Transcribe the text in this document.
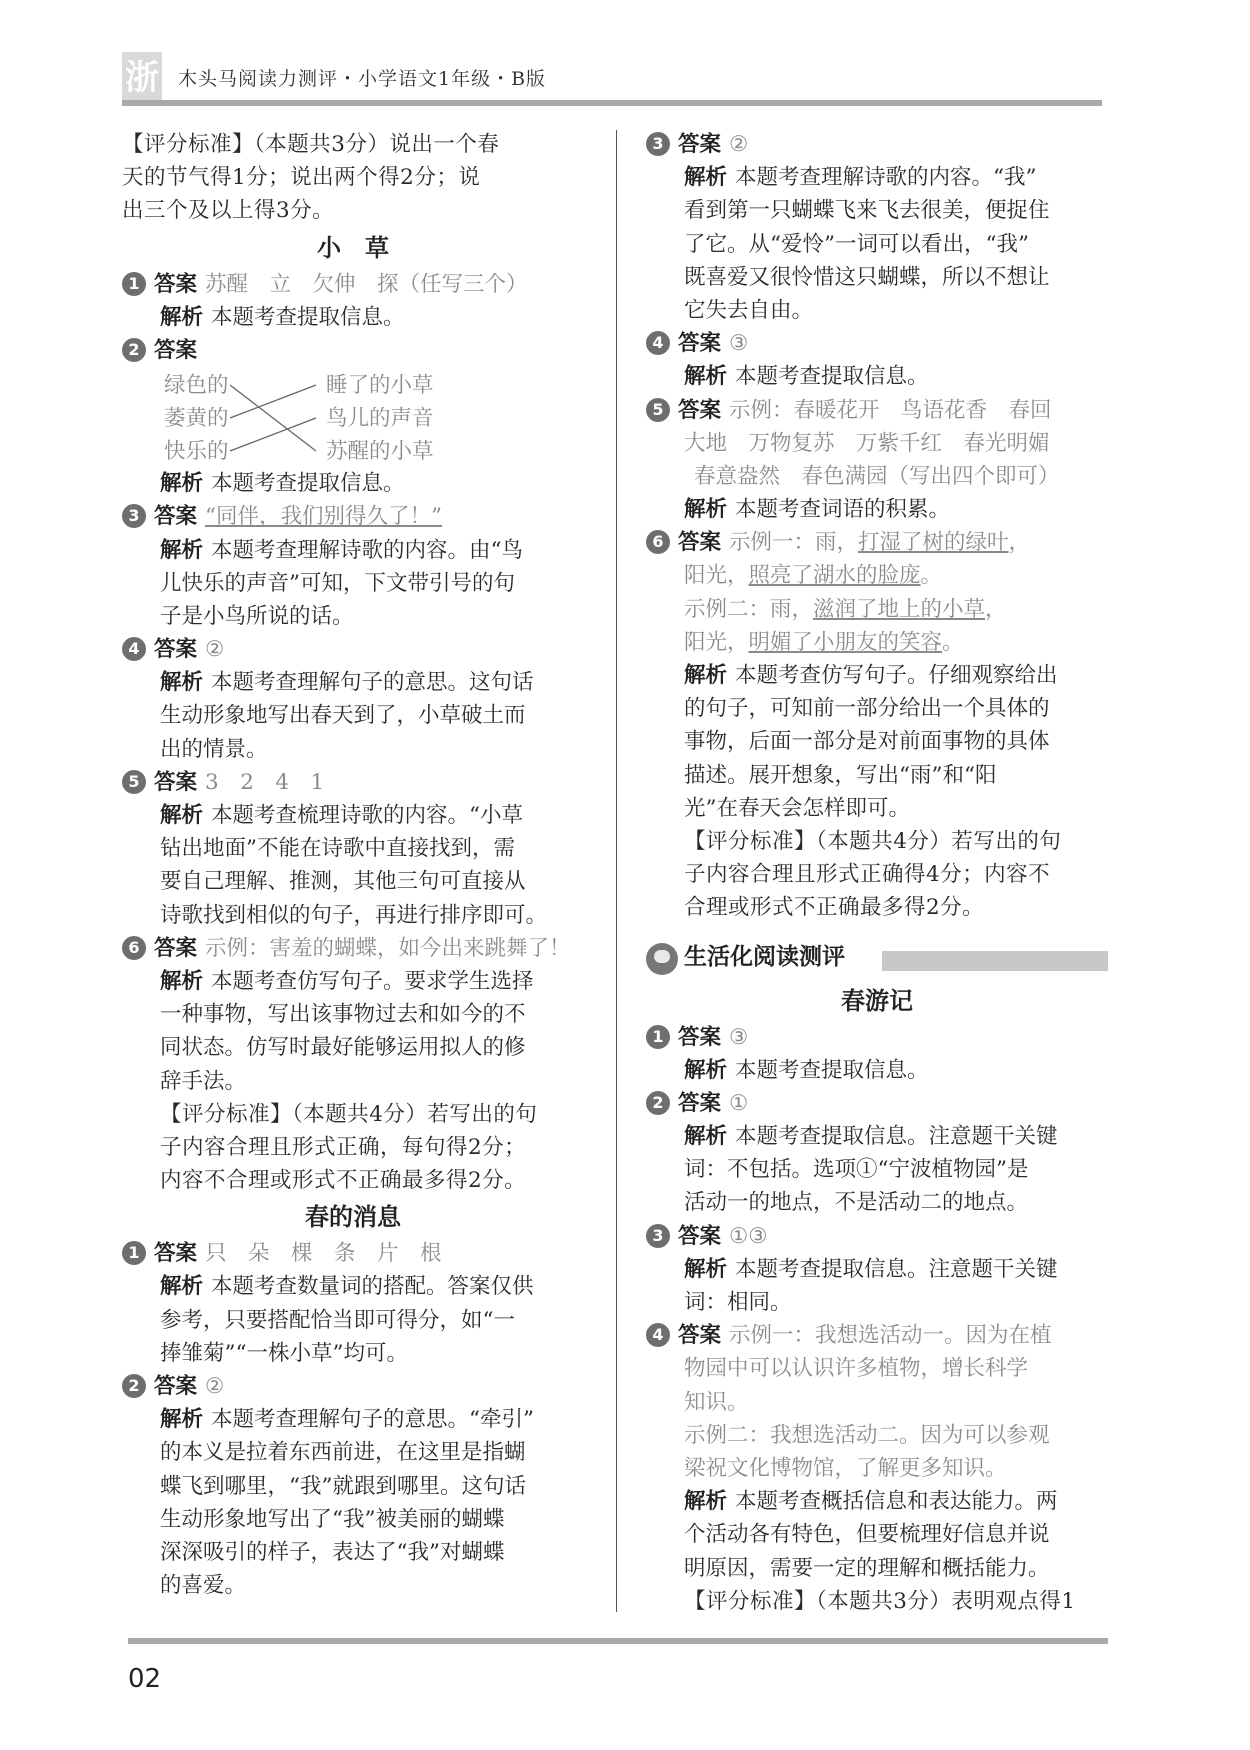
浙 木头马阅读力测评・小学语文1年级・B版
【评分标准】（本题共3分）说出一个春
天的节气得1分；说出两个得2分；说
出三个及以上得3分。
小　草
1 答案 苏醒　立　欠伸　探（任写三个）
解析 本题考查提取信息。
2 答案
绿色的
萎黄的
快乐的
睡了的小草
鸟儿的声音
苏醒的小草
解析 本题考查提取信息。
3 答案 “同伴，我们别得久了！”
解析 本题考查理解诗歌的内容。由“鸟
儿快乐的声音”可知，下文带引号的句
子是小鸟所说的话。
4 答案 ②
解析 本题考查理解句子的意思。这句话
生动形象地写出春天到了，小草破土而
出的情景。
5 答案 3　2　4　1
解析 本题考查梳理诗歌的内容。“小草
钻出地面”不能在诗歌中直接找到，需
要自己理解、推测，其他三句可直接从
诗歌找到相似的句子，再进行排序即可。
6 答案 示例：害羞的蝴蝶，如今出来跳舞了！
解析 本题考查仿写句子。要求学生选择
一种事物，写出该事物过去和如今的不
同状态。仿写时最好能够运用拟人的修
辞手法。
【评分标准】（本题共4分）若写出的句
子内容合理且形式正确，每句得2分；
内容不合理或形式不正确最多得2分。
春的消息
1 答案 只　朵　棵　条　片　根
解析 本题考查数量词的搭配。答案仅供
参考，只要搭配恰当即可得分，如“一
捧雏菊”“一株小草”均可。
2 答案 ②
解析 本题考查理解句子的意思。“牵引”
的本义是拉着东西前进，在这里是指蝴
蝶飞到哪里，“我”就跟到哪里。这句话
生动形象地写出了“我”被美丽的蝴蝶
深深吸引的样子，表达了“我”对蝴蝶
的喜爱。
3 答案 ②
解析 本题考查理解诗歌的内容。“我”
看到第一只蝴蝶飞来飞去很美，便捉住
了它。从“爱怜”一词可以看出，“我”
既喜爱又很怜惜这只蝴蝶，所以不想让
它失去自由。
4 答案 ③
解析 本题考查提取信息。
5 答案 示例：春暖花开　鸟语花香　春回
大地　万物复苏　万紫千红　春光明媚
春意盎然　春色满园（写出四个即可）
解析 本题考查词语的积累。
6 答案 示例一：雨，打湿了树的绿叶，
阳光，照亮了湖水的脸庞。
示例二：雨，滋润了地上的小草，
阳光，明媚了小朋友的笑容。
解析 本题考查仿写句子。仔细观察给出
的句子，可知前一部分给出一个具体的
事物，后面一部分是对前面事物的具体
描述。展开想象，写出“雨”和“阳
光”在春天会怎样即可。
【评分标准】（本题共4分）若写出的句
子内容合理且形式正确得4分；内容不
合理或形式不正确最多得2分。
生活化阅读测评
春游记
1 答案 ③
解析 本题考查提取信息。
2 答案 ①
解析 本题考查提取信息。注意题干关键
词：不包括。选项①“宁波植物园”是
活动一的地点，不是活动二的地点。
3 答案 ①③
解析 本题考查提取信息。注意题干关键
词：相同。
4 答案 示例一：我想选活动一。因为在植
物园中可以认识许多植物，增长科学
知识。
示例二：我想选活动二。因为可以参观
梁祝文化博物馆，了解更多知识。
解析 本题考查概括信息和表达能力。两
个活动各有特色，但要梳理好信息并说
明原因，需要一定的理解和概括能力。
【评分标准】（本题共3分）表明观点得1
02
